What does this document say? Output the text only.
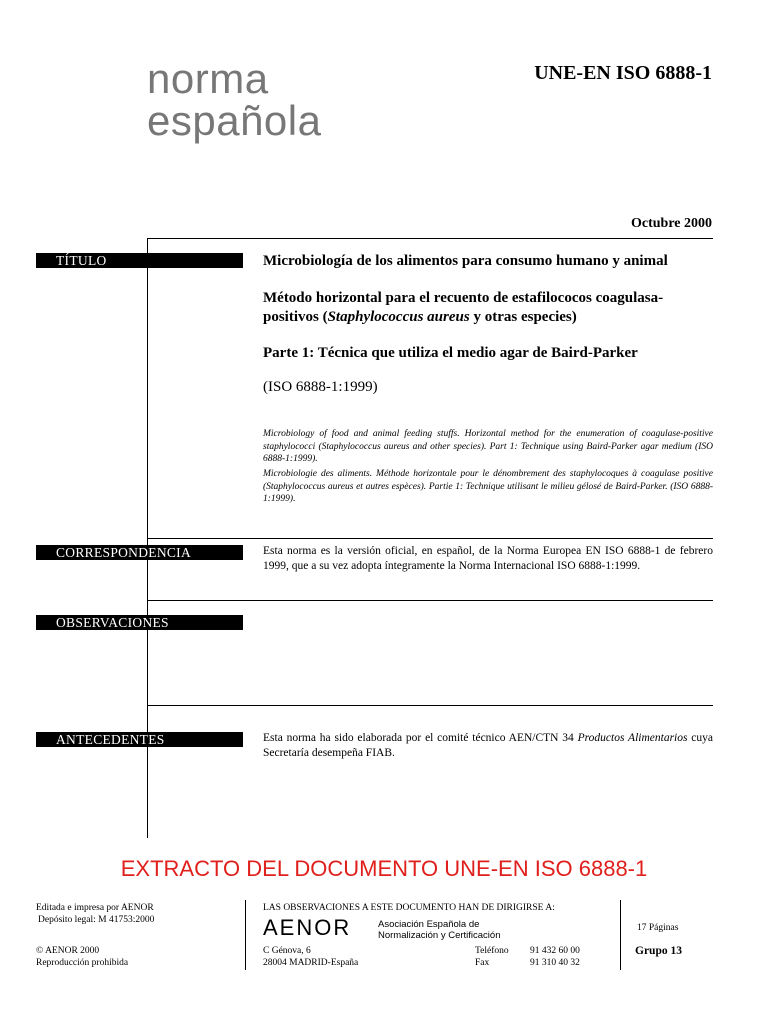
norma
española
UNE-EN ISO 6888-1
Octubre 2000
TÍTULO
CORRESPONDENCIA
OBSERVACIONES
ANTECEDENTES
Microbiología de los alimentos para consumo humano y animal
Método horizontal para el recuento de estafilococos coagulasa-positivos (Staphylococcus aureus y otras especies)
Parte 1: Técnica que utiliza el medio agar de Baird-Parker
(ISO 6888-1:1999)
Microbiology of food and animal feeding stuffs. Horizontal method for the enumeration of coagulase-positive staphylococci (Staphylococcus aureus and other species). Part 1: Technique using Baird-Parker agar medium (ISO 6888-1:1999).
Microbiologie des aliments. Méthode horizontale pour le dénombrement des staphylocoques à coagulase positive (Staphylococcus aureus et autres espèces). Partie 1: Technique utilisant le milieu gélosé de Baird-Parker. (ISO 6888-1:1999).
Esta norma es la versión oficial, en español, de la Norma Europea EN ISO 6888-1 de febrero 1999, que a su vez adopta íntegramente la Norma Internacional ISO 6888-1:1999.
Esta norma ha sido elaborada por el comité técnico AEN/CTN 34 Productos Alimentarios cuya Secretaría desempeña FIAB.
EXTRACTO DEL DOCUMENTO UNE-EN ISO 6888-1
Editada e impresa por AENOR
Depósito legal: M 41753:2000
© AENOR 2000
Reproducción prohibida
LAS OBSERVACIONES A ESTE DOCUMENTO HAN DE DIRIGIRSE A:
AENOR	Asociación Española de
Normalización y Certificación
C Génova, 6
28004 MADRID-España
Teléfono 91 432 60 00
Fax	91 310 40 32
17 Páginas
Grupo 13
